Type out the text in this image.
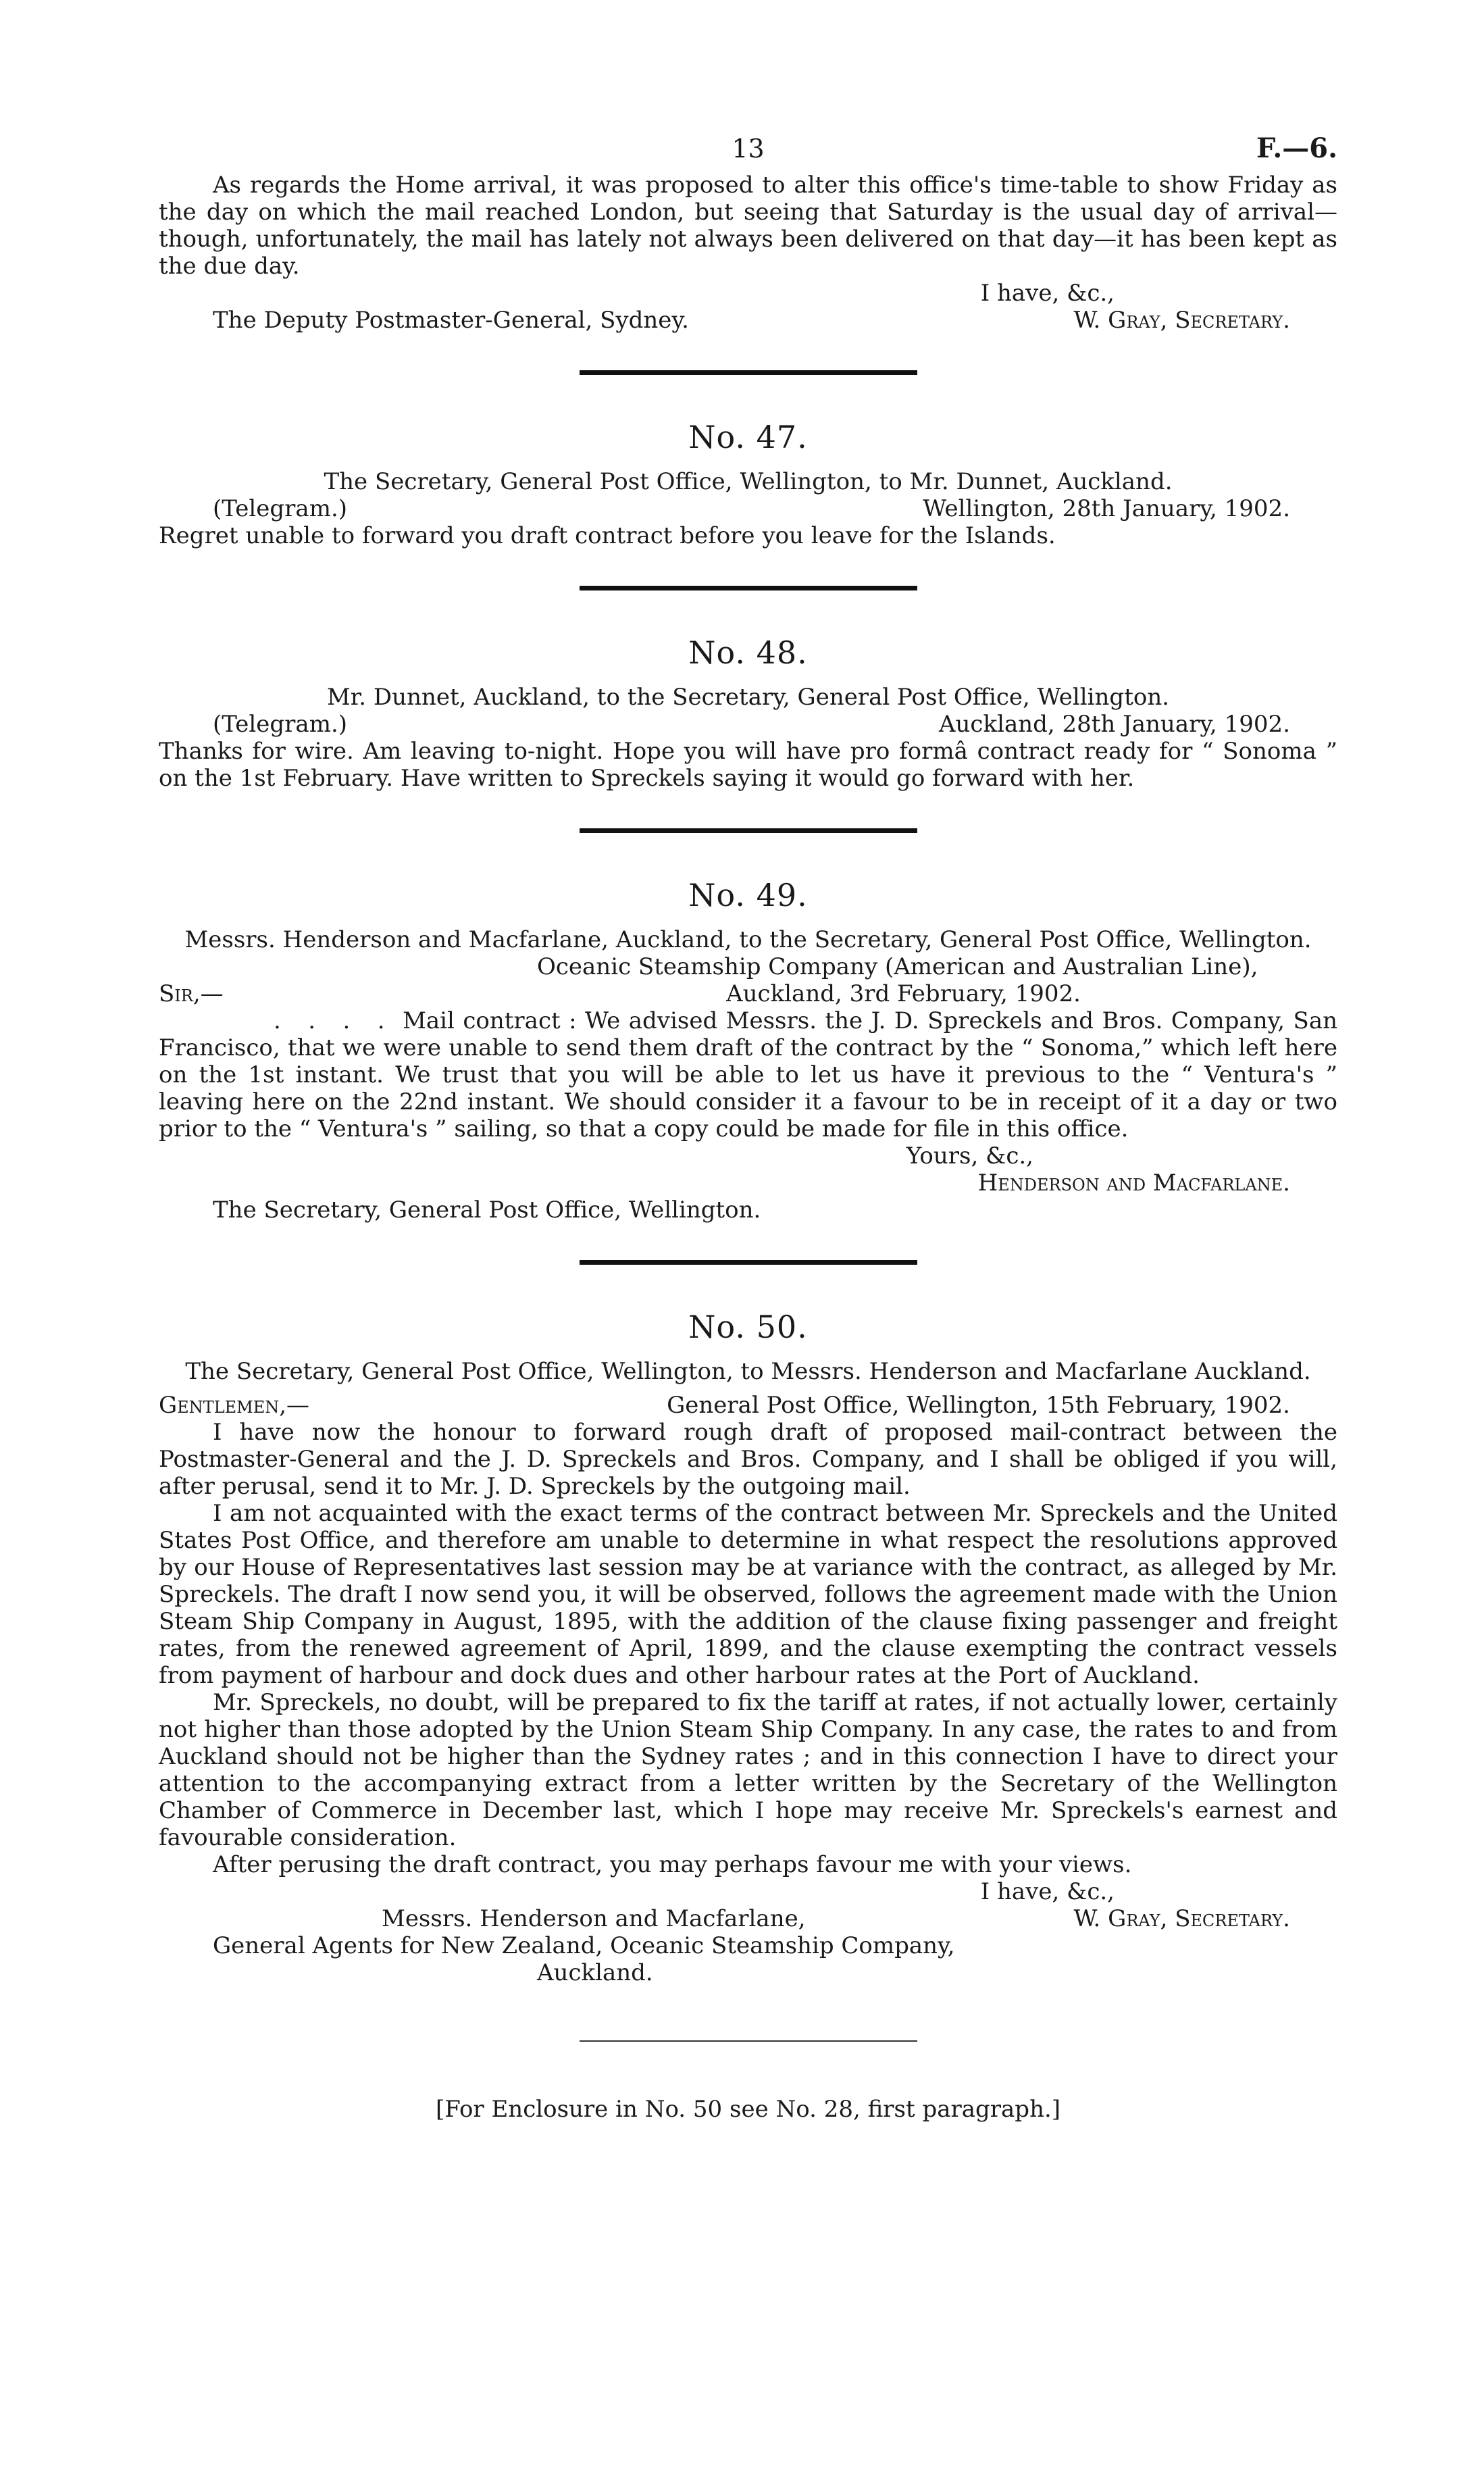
13	F.—6.

As regards the Home arrival, it was proposed to alter this office's time-table to show Friday as the day on which the mail reached London, but seeing that Saturday is the usual day of arrival—though, unfortunately, the mail has lately not always been delivered on that day—it has been kept as the due day.

I have, &c.,
The Deputy Postmaster-General, Sydney.	W. Gray, Secretary.
No. 47.
The Secretary, General Post Office, Wellington, to Mr. Dunnet, Auckland.
(Telegram.)	Wellington, 28th January, 1902.

Regret unable to forward you draft contract before you leave for the Islands.

No. 48.
Mr. Dunnet, Auckland, to the Secretary, General Post Office, Wellington.
(Telegram.)	Auckland, 28th January, 1902.

Thanks for wire. Am leaving to-night. Hope you will have pro formâ contract ready for “ Sonoma ” on the 1st February. Have written to Spreckels saying it would go forward with her.

No. 49.

Messrs. Henderson and Macfarlane, Auckland, to the Secretary, General Post Office, Wellington.

Oceanic Steamship Company (American and Australian Line),
Sir,—	Auckland, 3rd February, 1902.

. . . . Mail contract : We advised Messrs. the J. D. Spreckels and Bros. Company, San Francisco, that we were unable to send them draft of the contract by the “ Sonoma,” which left here on the 1st instant. We trust that you will be able to let us have it previous to the “ Ventura's ” leaving here on the 22nd instant. We should consider it a favour to be in receipt of it a day or two prior to the “ Ventura's ” sailing, so that a copy could be made for file in this office.

Yours, &c.,
Henderson and Macfarlane.
The Secretary, General Post Office, Wellington.
No. 50.

The Secretary, General Post Office, Wellington, to Messrs. Henderson and Macfarlane Auckland.

Gentlemen,—	General Post Office, Wellington, 15th February, 1902.

I have now the honour to forward rough draft of proposed mail-contract between the Postmaster-General and the J. D. Spreckels and Bros. Company, and I shall be obliged if you will, after perusal, send it to Mr. J. D. Spreckels by the outgoing mail.

I am not acquainted with the exact terms of the contract between Mr. Spreckels and the United States Post Office, and therefore am unable to determine in what respect the resolutions approved by our House of Representatives last session may be at variance with the contract, as alleged by Mr. Spreckels. The draft I now send you, it will be observed, follows the agreement made with the Union Steam Ship Company in August, 1895, with the addition of the clause fixing passenger and freight rates, from the renewed agreement of April, 1899, and the clause exempting the contract vessels from payment of harbour and dock dues and other harbour rates at the Port of Auckland.

Mr. Spreckels, no doubt, will be prepared to fix the tariff at rates, if not actually lower, certainly not higher than those adopted by the Union Steam Ship Company. In any case, the rates to and from Auckland should not be higher than the Sydney rates ; and in this connection I have to direct your attention to the accompanying extract from a letter written by the Secretary of the Wellington Chamber of Commerce in December last, which I hope may receive Mr. Spreckels's earnest and favourable consideration.

After perusing the draft contract, you may perhaps favour me with your views.

I have, &c.,
Messrs. Henderson and Macfarlane,	W. Gray, Secretary.
General Agents for New Zealand, Oceanic Steamship Company,
Auckland.
[For Enclosure in No. 50 see No. 28, first paragraph.]
